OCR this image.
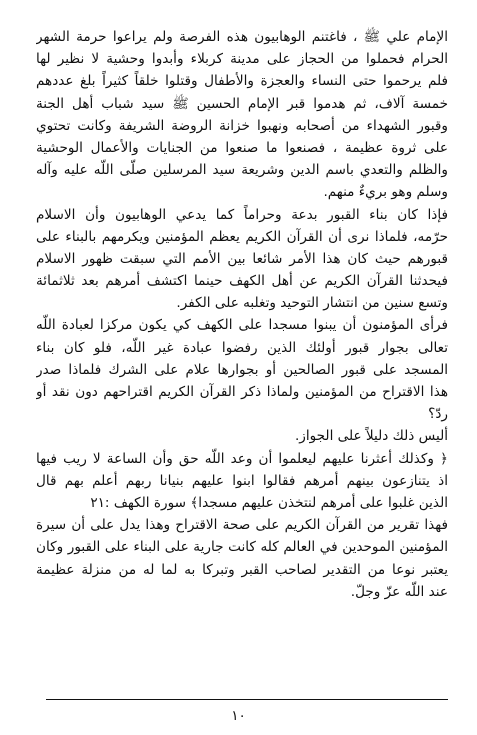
الإمام علي ﷺ ، فاغتنم الوهابيون هذه الفرصة ولم يراعوا حرمة الشهر
الحرام فحملوا من الحجاز على مدينة كربلاء وأبدوا وحشية لا نظير لها
فلم يرحموا حتى النساء والعجزة والأطفال وقتلوا خلقاً كثيراً بلغ عددهم
خمسة آلاف، ثم هدموا قبر الإمام الحسين ﷺ سيد شباب أهل الجنة
وقبور الشهداء من أصحابه ونهبوا خزانة الروضة الشريفة وكانت تحتوي
على ثروة عظيمة ، فصنعوا ما صنعوا من الجنايات والأعمال الوحشية
والظلم والتعدي باسم الدين وشريعة سيد المرسلين صلّى اللّه عليه وآله
وسلم وهو بريءٌ منهم.
فإذا كان بناء القبور بدعة وحراماً كما يدعي الوهابيون وأن الاسلام
حرّمه، فلماذا نرى أن القرآن الكريم يعظم المؤمنين ويكرمهم بالبناء على
قبورهم حيث كان هذا الأمر شائعا بين الأمم التي سبقت ظهور الاسلام
فيحدثنا القرآن الكريم عن أهل الكهف حينما اكتشف أمرهم بعد ثلاثمائة
وتسع سنين من انتشار التوحيد وتغلبه على الكفر.
فرأى المؤمنون أن يبنوا مسجدا على الكهف كي يكون مركزا لعبادة اللّه
تعالى بجوار قبور أولئك الذين رفضوا عبادة غير اللّه، فلو كان بناء
المسجد على قبور الصالحين أو بجوارها علام على الشرك فلماذا صدر
هذا الاقتراح من المؤمنين ولماذا ذكر القرآن الكريم اقتراحهم دون نقد أو
ردّ؟
أليس ذلك دليلاً على الجواز.
﴿ وكذلك أعثرنا عليهم ليعلموا أن وعد اللّه حق وأن الساعة لا ريب فيها
اذ يتنازعون بينهم أمرهم فقالوا ابنوا عليهم بنيانا ربهم أعلم بهم قال
الذين غلبوا على أمرهم لنتخذن عليهم مسجدا﴾ سورة الكهف :٢١
فهذا تقرير من القرآن الكريم على صحة الاقتراح وهذا يدل على أن سيرة
المؤمنين الموحدين في العالم كله كانت جارية على البناء على القبور وكان
يعتبر نوعا من التقدير لصاحب القبر وتبركا به لما له من منزلة عظيمة
عند اللّه عزّ وجلّ.
١٠
